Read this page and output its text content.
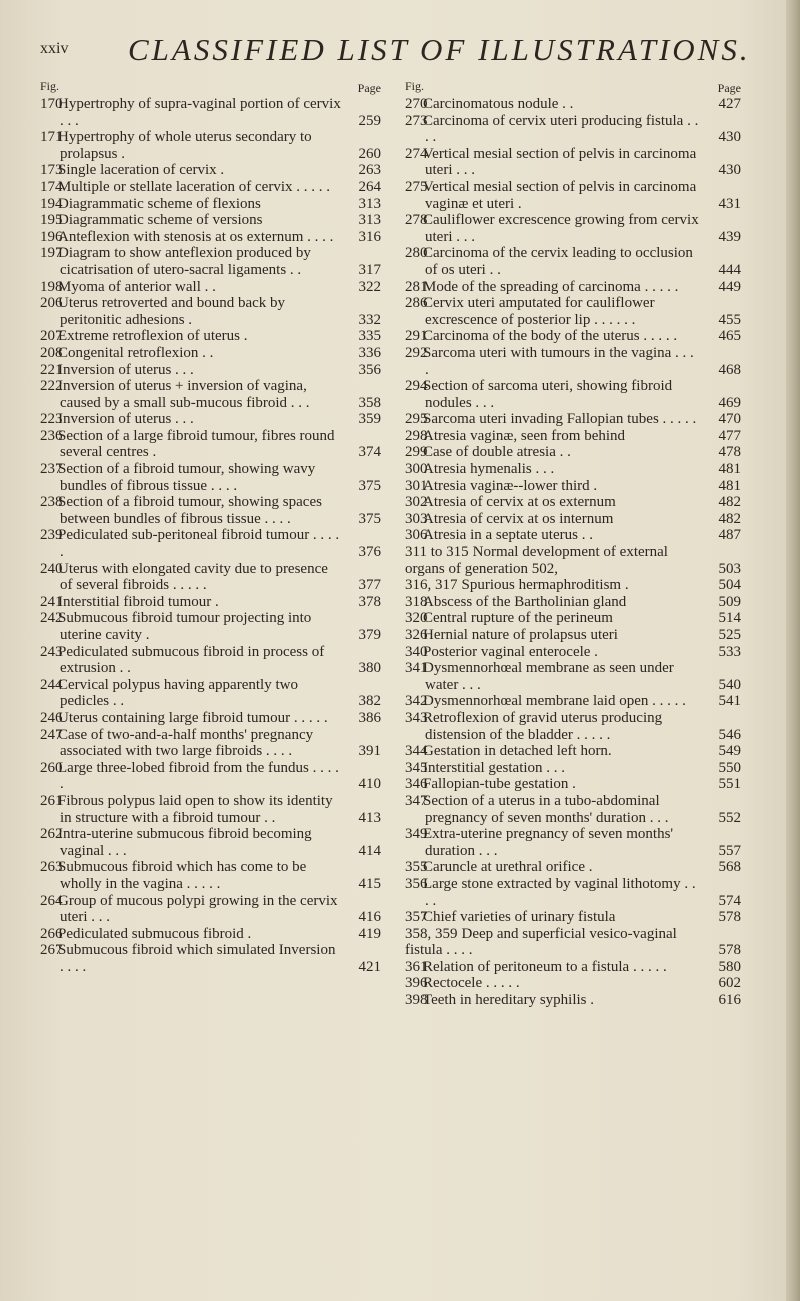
xxiv CLASSIFIED LIST OF ILLUSTRATIONS.
Fig.	Page
170
Hypertrophy of supra-vaginal portion of cervix . . .	259
171
Hypertrophy of whole uterus secondary to prolapsus .	260
173
Single laceration of cervix .	263
174
Multiple or stellate laceration of cervix . . . . .	264
194
Diagrammatic scheme of flexions	313
195
Diagrammatic scheme of versions	313
196
Anteflexion with stenosis at os externum . . . .	316
197
Diagram to show anteflexion produced by cicatrisation of utero-sacral ligaments . .	317
198
Myoma of anterior wall . .	322
206
Uterus retroverted and bound back by peritonitic adhesions .	332
207
Extreme retroflexion of uterus .	335
208
Congenital retroflexion . .	336
221
Inversion of uterus . . .	356
222
Inversion of uterus + inversion of vagina, caused by a small sub-mucous fibroid . . .	358
223
Inversion of uterus . . .	359
236
Section of a large fibroid tumour, fibres round several centres .	374
237
Section of a fibroid tumour, showing wavy bundles of fibrous tissue . . . .	375
238
Section of a fibroid tumour, showing spaces between bundles of fibrous tissue . . . .	375
239
Pediculated sub-peritoneal fibroid tumour . . . . .	376
240
Uterus with elongated cavity due to presence of several fibroids . . . . .	377
241
Interstitial fibroid tumour .	378
242
Submucous fibroid tumour projecting into uterine cavity .	379
243
Pediculated submucous fibroid in process of extrusion . .	380
244
Cervical polypus having apparently two pedicles . .	382
246
Uterus containing large fibroid tumour . . . . .	386
247
Case of two-and-a-half months' pregnancy associated with two large fibroids . . . .	391
260
Large three-lobed fibroid from the fundus . . . . .	410
261
Fibrous polypus laid open to show its identity in structure with a fibroid tumour . .	413
262
Intra-uterine submucous fibroid becoming vaginal . . .	414
263
Submucous fibroid which has come to be wholly in the vagina . . . . .	415
264
Group of mucous polypi growing in the cervix uteri . . .	416
266
Pediculated submucous fibroid .	419
267
Submucous fibroid which simulated Inversion . . . .	421
Fig.	Page
270
Carcinomatous nodule . .	427
273
Carcinoma of cervix uteri producing fistula . . . .	430
274
Vertical mesial section of pelvis in carcinoma uteri . . .	430
275
Vertical mesial section of pelvis in carcinoma vaginæ et uteri .	431
278
Cauliflower excrescence growing from cervix uteri . . .	439
280
Carcinoma of the cervix leading to occlusion of os uteri . .	444
281
Mode of the spreading of carcinoma . . . . .	449
286
Cervix uteri amputated for cauliflower excrescence of posterior lip . . . . . .	455
291
Carcinoma of the body of the uterus . . . . .	465
292
Sarcoma uteri with tumours in the vagina . . . .	468
294
Section of sarcoma uteri, showing fibroid nodules . . .	469
295
Sarcoma uteri invading Fallopian tubes . . . . .	470
298
Atresia vaginæ, seen from behind	477
299
Case of double atresia . .	478
300
Atresia hymenalis . . .	481
301
Atresia vaginæ--lower third .	481
302
Atresia of cervix at os externum	482
303
Atresia of cervix at os internum	482
306
Atresia in a septate uterus . .	487
311 to 315 Normal development of external organs of generation 502,	503
316, 317 Spurious hermaphroditism .	504
318
Abscess of the Bartholinian gland	509
320
Central rupture of the perineum	514
326
Hernial nature of prolapsus uteri	525
340
Posterior vaginal enterocele .	533
341
Dysmennorhœal membrane as seen under water . . .	540
342
Dysmennorhœal membrane laid open . . . . .	541
343
Retroflexion of gravid uterus producing distension of the bladder . . . . .	546
344
Gestation in detached left horn.	549
345
Interstitial gestation . . .	550
346
Fallopian-tube gestation .	551
347
Section of a uterus in a tubo-abdominal pregnancy of seven months' duration . . .	552
349
Extra-uterine pregnancy of seven months' duration . . .	557
355
Caruncle at urethral orifice .	568
356
Large stone extracted by vaginal lithotomy . . . .	574
357
Chief varieties of urinary fistula	578
358, 359 Deep and superficial vesico-vaginal fistula . . . .	578
361
Relation of peritoneum to a fistula . . . . .	580
396
Rectocele . . . . .	602
398
Teeth in hereditary syphilis .	616
